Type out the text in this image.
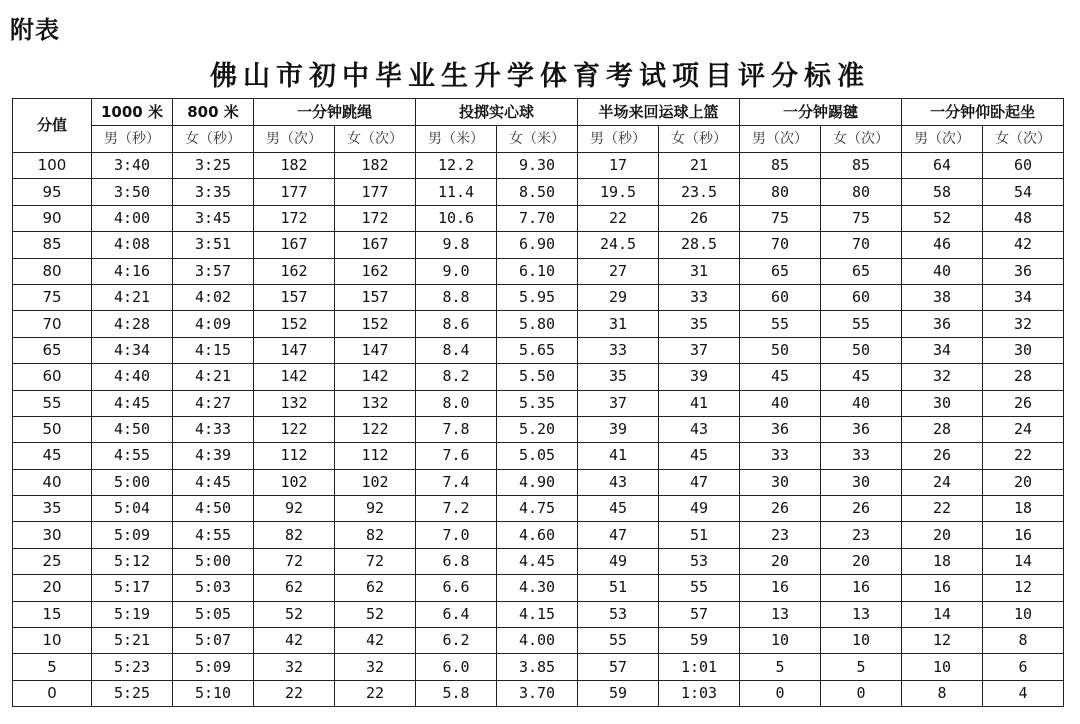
附表
佛山市初中毕业生升学体育考试项目评分标准
分值	1000 米	800 米	一分钟跳绳		投掷实心球		半场来回运球上篮		一分钟踢毽		一分钟仰卧起坐	
	男（秒）	女（秒）	男（次）	女（次）	男（米）	女（米）	男（秒）	女（秒）	男（次）	女（次）	男（次）	女（次）
100	3:40	3:25	182	182	12.2	9.30	17	21	85	85	64	60
95	3:50	3:35	177	177	11.4	8.50	19.5	23.5	80	80	58	54
90	4:00	3:45	172	172	10.6	7.70	22	26	75	75	52	48
85	4:08	3:51	167	167	9.8	6.90	24.5	28.5	70	70	46	42
80	4:16	3:57	162	162	9.0	6.10	27	31	65	65	40	36
75	4:21	4:02	157	157	8.8	5.95	29	33	60	60	38	34
70	4:28	4:09	152	152	8.6	5.80	31	35	55	55	36	32
65	4:34	4:15	147	147	8.4	5.65	33	37	50	50	34	30
60	4:40	4:21	142	142	8.2	5.50	35	39	45	45	32	28
55	4:45	4:27	132	132	8.0	5.35	37	41	40	40	30	26
50	4:50	4:33	122	122	7.8	5.20	39	43	36	36	28	24
45	4:55	4:39	112	112	7.6	5.05	41	45	33	33	26	22
40	5:00	4:45	102	102	7.4	4.90	43	47	30	30	24	20
35	5:04	4:50	92	92	7.2	4.75	45	49	26	26	22	18
30	5:09	4:55	82	82	7.0	4.60	47	51	23	23	20	16
25	5:12	5:00	72	72	6.8	4.45	49	53	20	20	18	14
20	5:17	5:03	62	62	6.6	4.30	51	55	16	16	16	12
15	5:19	5:05	52	52	6.4	4.15	53	57	13	13	14	10
10	5:21	5:07	42	42	6.2	4.00	55	59	10	10	12	8
5	5:23	5:09	32	32	6.0	3.85	57	1:01	5	5	10	6
0	5:25	5:10	22	22	5.8	3.70	59	1:03	0	0	8	4
